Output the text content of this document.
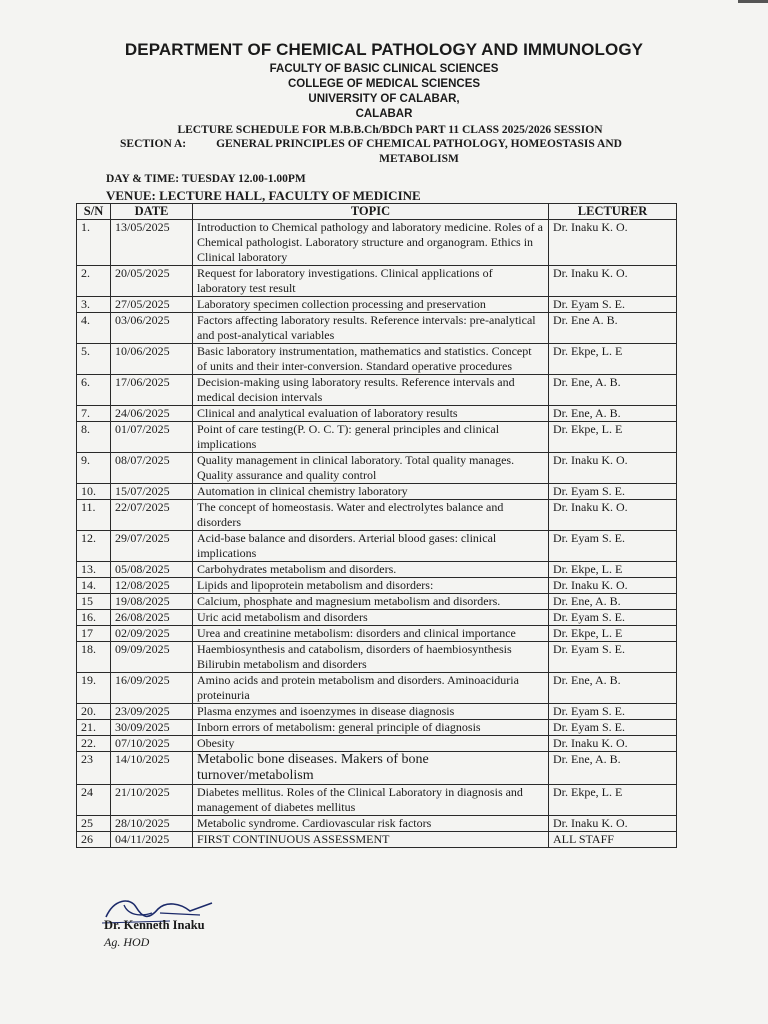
DEPARTMENT OF CHEMICAL PATHOLOGY AND IMMUNOLOGY
FACULTY OF BASIC CLINICAL SCIENCES
COLLEGE OF MEDICAL SCIENCES
UNIVERSITY OF CALABAR,
CALABAR
LECTURE SCHEDULE FOR M.B.B.Ch/BDCh PART 11 CLASS 2025/2026 SESSION
SECTION A:	GENERAL PRINCIPLES OF CHEMICAL PATHOLOGY, HOMEOSTASIS AND METABOLISM
DAY & TIME: TUESDAY 12.00-1.00PM
VENUE: LECTURE HALL, FACULTY OF MEDICINE
S/N	DATE	TOPIC	LECTURER
1.	13/05/2025	Introduction to Chemical pathology and laboratory medicine. Roles of a Chemical pathologist. Laboratory structure and organogram. Ethics in Clinical laboratory	Dr. Inaku K. O.
2.	20/05/2025	Request for laboratory investigations. Clinical applications of laboratory test result	Dr. Inaku K. O.
3.	27/05/2025	Laboratory specimen collection processing and preservation	Dr. Eyam S. E.
4.	03/06/2025	Factors affecting laboratory results. Reference intervals: pre-analytical and post-analytical variables	Dr. Ene A. B.
5.	10/06/2025	Basic laboratory instrumentation, mathematics and statistics. Concept of units and their inter-conversion. Standard operative procedures	Dr. Ekpe, L. E
6.	17/06/2025	Decision-making using laboratory results. Reference intervals and medical decision intervals	Dr. Ene, A. B.
7.	24/06/2025	Clinical and analytical evaluation of laboratory results	Dr. Ene, A. B.
8.	01/07/2025	Point of care testing(P. O. C. T): general principles and clinical implications	Dr. Ekpe, L. E
9.	08/07/2025	Quality management in clinical laboratory. Total quality manages. Quality assurance and quality control	Dr. Inaku K. O.
10.	15/07/2025	Automation in clinical chemistry laboratory	Dr. Eyam S. E.
11.	22/07/2025	The concept of homeostasis. Water and electrolytes balance and disorders	Dr. Inaku K. O.
12.	29/07/2025	Acid-base balance and disorders. Arterial blood gases: clinical implications	Dr. Eyam S. E.
13.	05/08/2025	Carbohydrates metabolism and disorders.	Dr. Ekpe, L. E
14.	12/08/2025	Lipids and lipoprotein metabolism and disorders:	Dr. Inaku K. O.
15	19/08/2025	Calcium, phosphate and magnesium metabolism and disorders.	Dr. Ene, A. B.
16.	26/08/2025	Uric acid metabolism and disorders	Dr. Eyam S. E.
17	02/09/2025	Urea and creatinine metabolism: disorders and clinical importance	Dr. Ekpe, L. E
18.	09/09/2025	Haembiosynthesis and catabolism, disorders of haembiosynthesis Bilirubin metabolism and disorders	Dr. Eyam S. E.
19.	16/09/2025	Amino acids and protein metabolism and disorders. Aminoaciduria proteinuria	Dr. Ene, A. B.
20.	23/09/2025	Plasma enzymes and isoenzymes in disease diagnosis	Dr. Eyam S. E.
21.	30/09/2025	Inborn errors of metabolism: general principle of diagnosis	Dr. Eyam S. E.
22.	07/10/2025	Obesity	Dr. Inaku K. O.
23	14/10/2025	Metabolic bone diseases. Makers of bone turnover/metabolism	Dr. Ene, A. B.
24	21/10/2025	Diabetes mellitus. Roles of the Clinical Laboratory in diagnosis and management of diabetes mellitus	Dr. Ekpe, L. E
25	28/10/2025	Metabolic syndrome. Cardiovascular risk factors	Dr. Inaku K. O.
26	04/11/2025	FIRST CONTINUOUS ASSESSMENT	ALL STAFF
Dr. Kenneth Inaku
Ag. HOD
